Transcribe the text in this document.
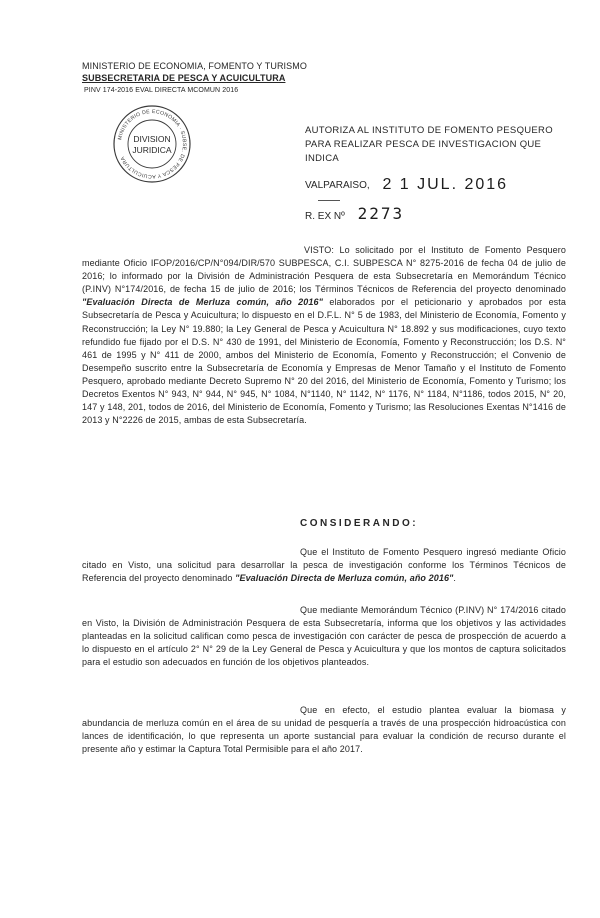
MINISTERIO DE ECONOMIA, FOMENTO Y TURISMO
SUBSECRETARIA DE PESCA Y ACUICULTURA
PINV 174-2016 EVAL DIRECTA MCOMUN 2016
MINISTERIO DE ECONOMIA · SUBSE. DE PESCA Y ACUICULTURA
DIVISION
JURIDICA
AUTORIZA AL INSTITUTO DE FOMENTO PESQUERO PARA REALIZAR PESCA DE INVESTIGACION QUE INDICA
VALPARAISO, 2 1 JUL. 2016
R. EX Nº 2273
VISTO: Lo solicitado por el Instituto de Fomento Pesquero mediante Oficio IFOP/2016/CP/N°094/DIR/570 SUBPESCA, C.I. SUBPESCA N° 8275-2016 de fecha 04 de julio de 2016; lo informado por la División de Administración Pesquera de esta Subsecretaría en Memorándum Técnico (P.INV) N°174/2016, de fecha 15 de julio de 2016; los Términos Técnicos de Referencia del proyecto denominado "Evaluación Directa de Merluza común, año 2016" elaborados por el peticionario y aprobados por esta Subsecretaría de Pesca y Acuicultura; lo dispuesto en el D.F.L. N° 5 de 1983, del Ministerio de Economía, Fomento y Reconstrucción; la Ley N° 19.880; la Ley General de Pesca y Acuicultura N° 18.892 y sus modificaciones, cuyo texto refundido fue fijado por el D.S. N° 430 de 1991, del Ministerio de Economía, Fomento y Reconstrucción; los D.S. N° 461 de 1995 y N° 411 de 2000, ambos del Ministerio de Economía, Fomento y Reconstrucción; el Convenio de Desempeño suscrito entre la Subsecretaría de Economía y Empresas de Menor Tamaño y el Instituto de Fomento Pesquero, aprobado mediante Decreto Supremo N° 20 del 2016, del Ministerio de Economía, Fomento y Turismo; los Decretos Exentos N° 943, N° 944, N° 945, N° 1084, N°1140, N° 1142, N° 1176, N° 1184, N°1186, todos 2015, N° 20, 147 y 148, 201, todos de 2016, del Ministerio de Economía, Fomento y Turismo; las Resoluciones Exentas N°1416 de 2013 y N°2226 de 2015, ambas de esta Subsecretaría.
CONSIDERANDO:
Que el Instituto de Fomento Pesquero ingresó mediante Oficio citado en Visto, una solicitud para desarrollar la pesca de investigación conforme los Términos Técnicos de Referencia del proyecto denominado "Evaluación Directa de Merluza común, año 2016".
Que mediante Memorándum Técnico (P.INV) N° 174/2016 citado en Visto, la División de Administración Pesquera de esta Subsecretaría, informa que los objetivos y las actividades planteadas en la solicitud califican como pesca de investigación con carácter de pesca de prospección de acuerdo a lo dispuesto en el artículo 2° N° 29 de la Ley General de Pesca y Acuicultura y que los montos de captura solicitados para el estudio son adecuados en función de los objetivos planteados.
Que en efecto, el estudio plantea evaluar la biomasa y abundancia de merluza común en el área de su unidad de pesquería a través de una prospección hidroacústica con lances de identificación, lo que representa un aporte sustancial para evaluar la condición de recurso durante el presente año y estimar la Captura Total Permisible para el año 2017.
